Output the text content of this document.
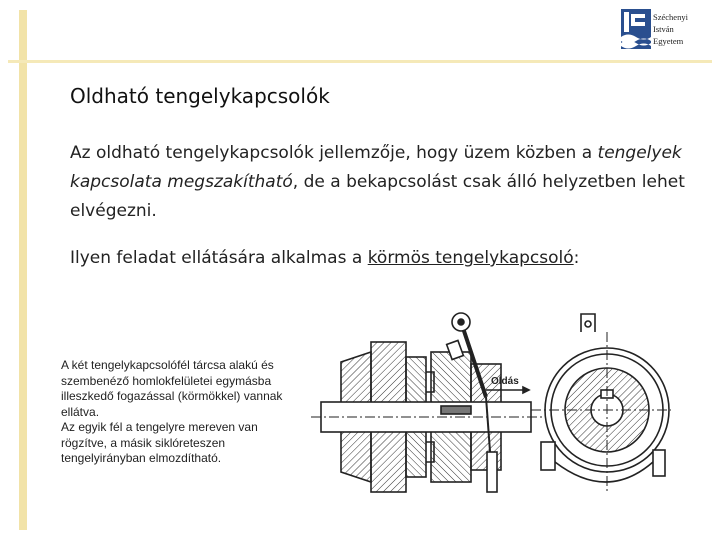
Széchenyi
István
Egyetem
Oldható tengelykapcsolók
Az oldható tengelykapcsolók jellemzője, hogy üzem közben a tengelyek kapcsolata megszakítható, de a bekapcsolást csak álló helyzetben lehet elvégezni.
Ilyen feladat ellátására alkalmas a körmös tengelykapcsoló:
A két tengelykapcsolófél tárcsa alakú és szembenéző homlokfelületei egymásba illeszkedő fogazással (körmökkel) vannak ellátva.
Az egyik fél a tengelyre mereven van rögzítve, a másik siklóreteszen tengelyirányban elmozdítható.
Oldás
